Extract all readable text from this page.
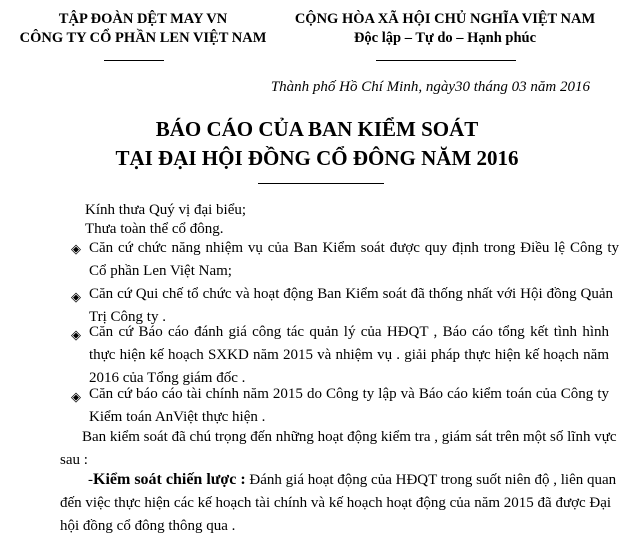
TẬP ĐOÀN DỆT MAY VN
CÔNG TY CỔ PHẦN LEN VIỆT NAM
CỘNG HÒA XÃ HỘI CHỦ NGHĨA VIỆT NAM
Độc lập – Tự do – Hạnh phúc
Thành phố Hồ Chí Minh, ngày30 tháng 03 năm 2016
BÁO CÁO CỦA BAN KIỂM SOÁT
TẠI ĐẠI HỘI ĐỒNG CỔ ĐÔNG NĂM 2016
Kính thưa Quý vị đại biểu;
Thưa toàn thể cổ đông.
◈ Căn cứ chức năng nhiệm vụ của Ban Kiểm soát được quy định trong Điều lệ Công ty Cổ phần Len Việt Nam;
◈ Căn cứ Qui chế tổ chức và hoạt động Ban Kiểm soát đã thống nhất với Hội đồng Quản Trị Công ty .
◈ Căn cứ Báo cáo đánh giá công tác quản lý của HĐQT , Báo cáo tổng kết tình hình thực hiện kế hoạch SXKD năm 2015 và nhiệm vụ . giải pháp thực hiện kế hoạch năm 2016 của Tổng giám đốc .
◈ Căn cứ báo cáo tài chính năm 2015 do Công ty lập và Báo cáo kiểm toán của Công ty Kiểm toán AnViệt thực hiện .
Ban kiểm soát đã chú trọng đến những hoạt động kiểm tra , giám sát trên một số lĩnh vực sau :
-Kiểm soát chiến lược : Đánh giá hoạt động của HĐQT trong suốt niên độ , liên quan đến việc thực hiện các kế hoạch tài chính và kế hoạch hoạt động của năm 2015 đã được Đại hội đồng cổ đông thông qua .
